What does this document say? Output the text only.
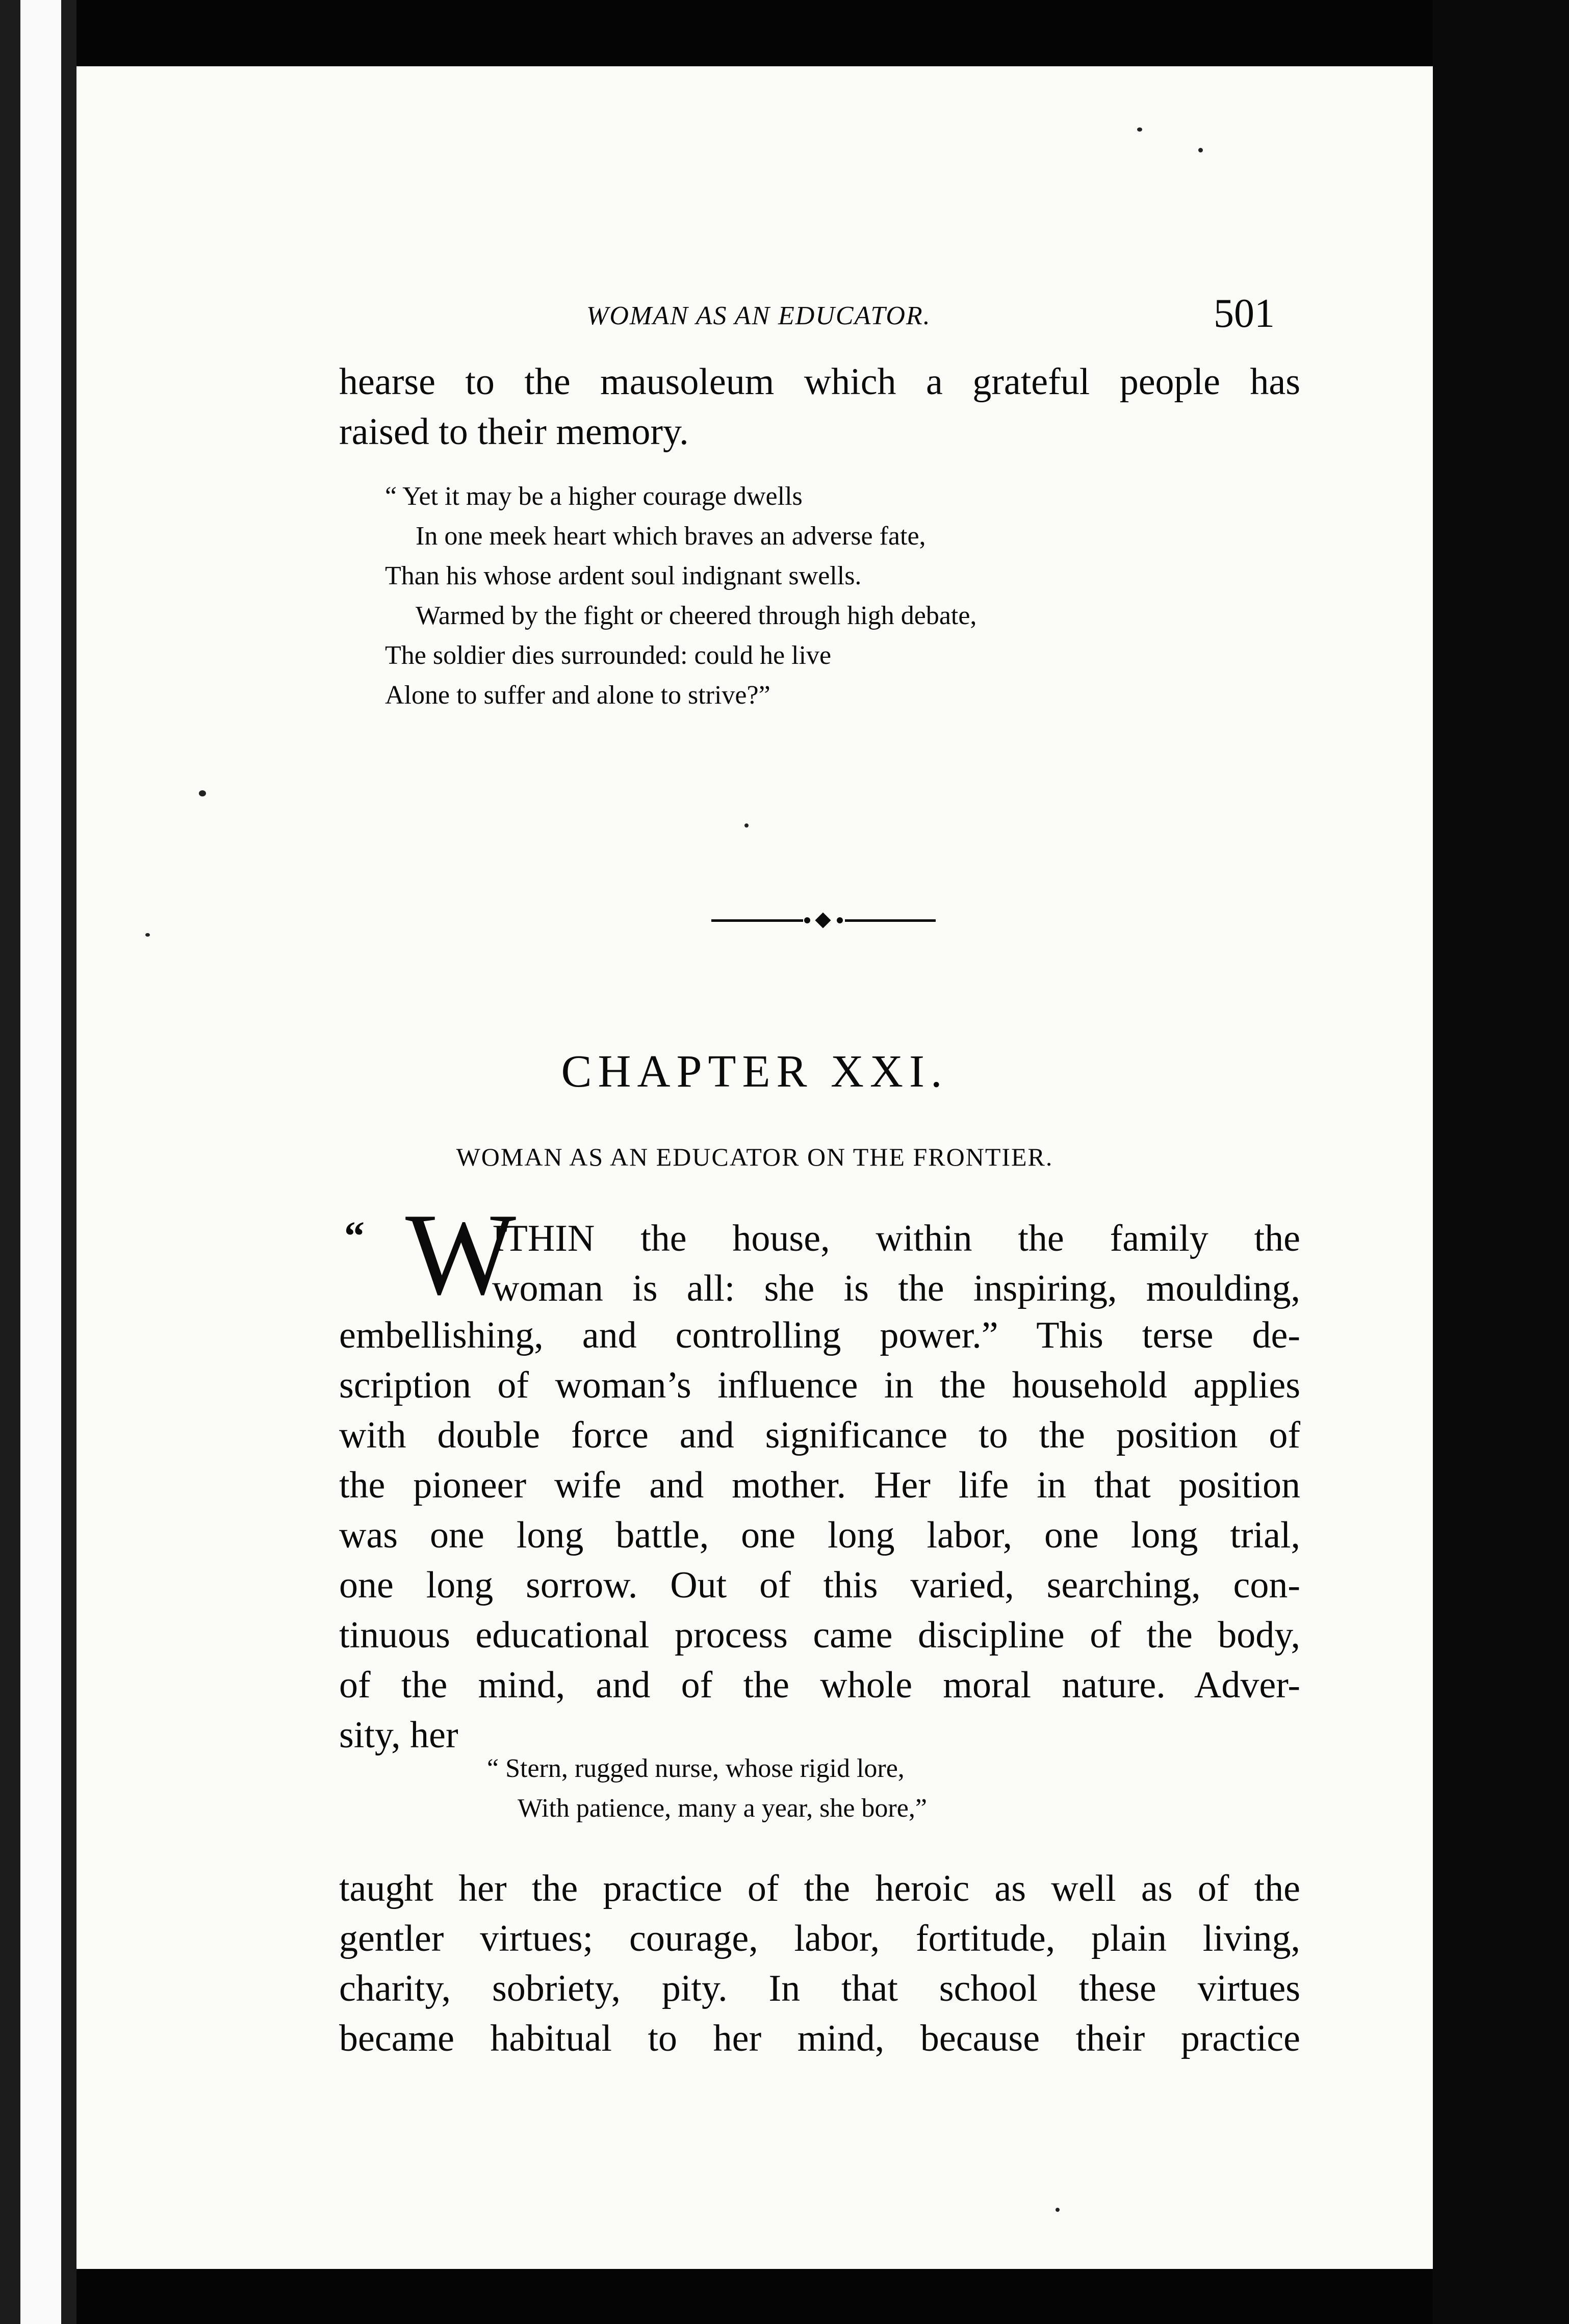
WOMAN AS AN EDUCATOR.	501
hearse to the mausoleum which a grateful people has
raised to their memory.
“ Yet it may be a higher courage dwells
In one meek heart which braves an adverse fate,
Than his whose ardent soul indignant swells.
Warmed by the fight or cheered through high debate,
The soldier dies surrounded: could he live
Alone to suffer and alone to strive?”
CHAPTER XXI.
WOMAN AS AN EDUCATOR ON THE FRONTIER.
“ W
ITHIN the house, within the family the
woman is all: she is the inspiring, moulding,
embellishing, and controlling power.” This terse de-
scription of woman’s influence in the household applies
with double force and significance to the position of
the pioneer wife and mother. Her life in that position
was one long battle, one long labor, one long trial,
one long sorrow. Out of this varied, searching, con-
tinuous educational process came discipline of the body,
of the mind, and of the whole moral nature. Adver-
sity, her
“ Stern, rugged nurse, whose rigid lore,
With patience, many a year, she bore,”
taught her the practice of the heroic as well as of the
gentler virtues; courage, labor, fortitude, plain living,
charity, sobriety, pity. In that school these virtues
became habitual to her mind, because their practice
